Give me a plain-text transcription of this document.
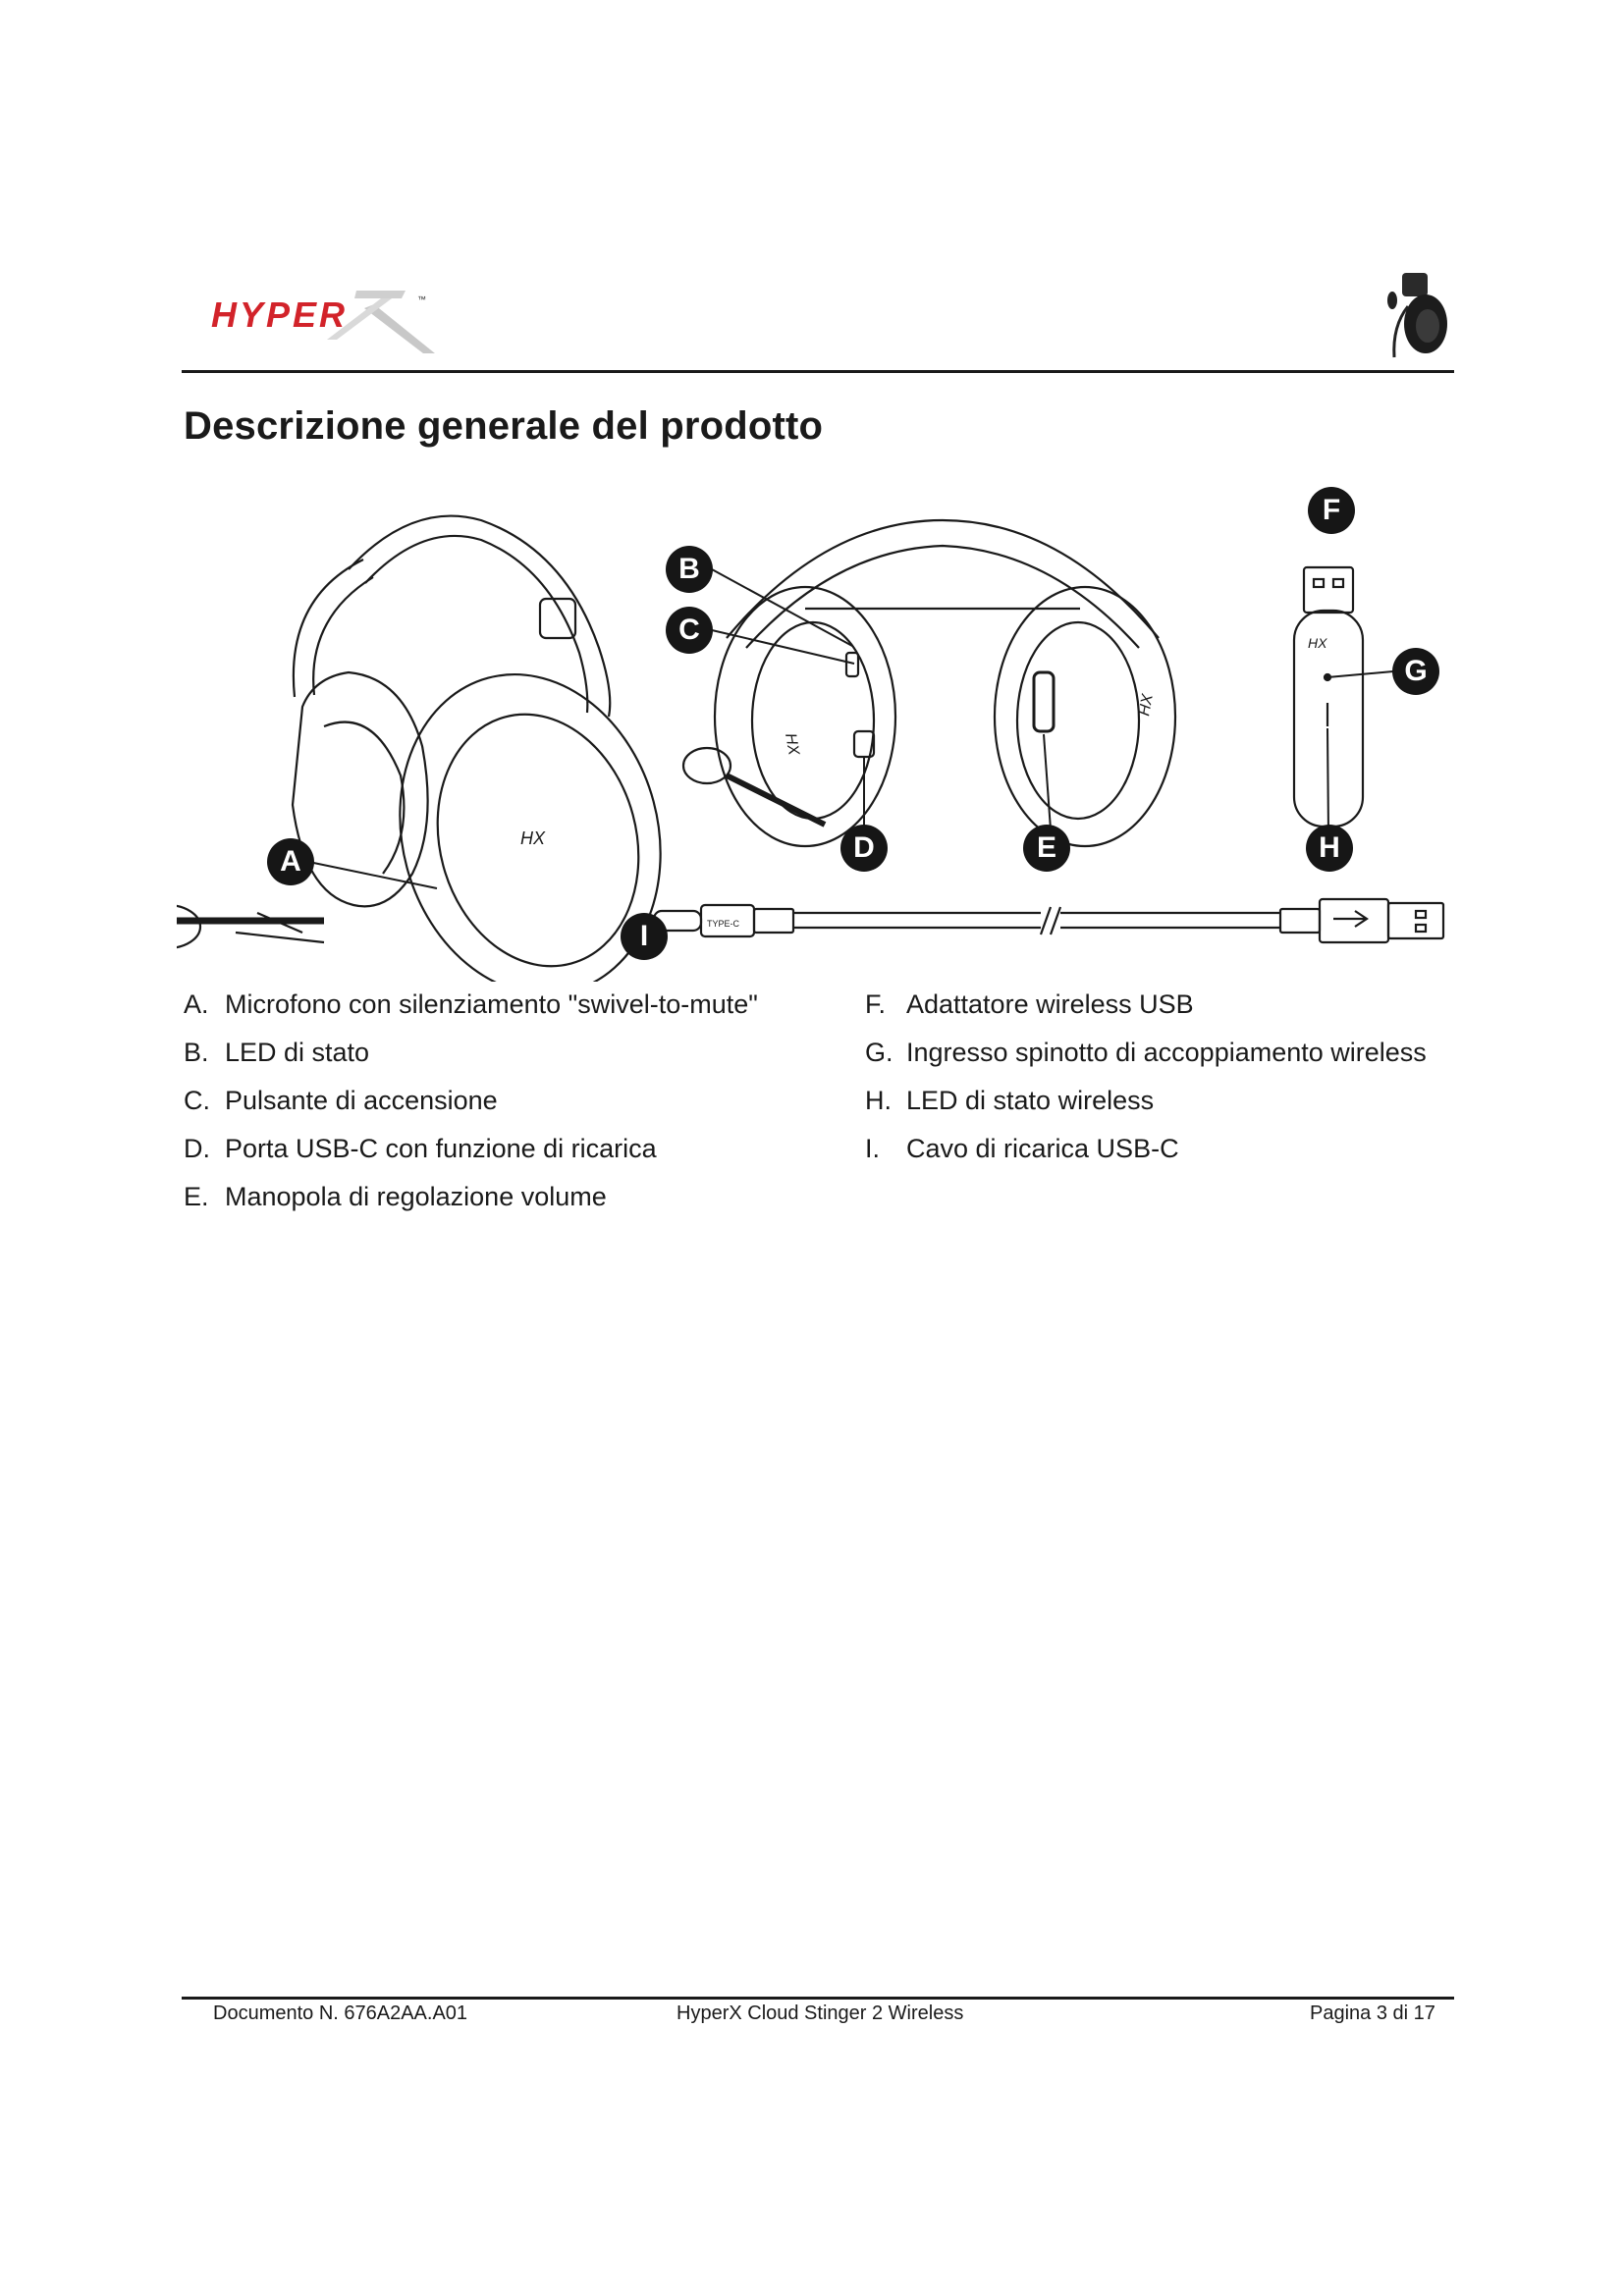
HYPER	™
Descrizione generale del prodotto
HX
HX
HX
HX
TYPE-C
A
B
C
D	E
F
G
H
I
A. Microfono con silenziamento "swivel-to-mute"
B. LED di stato
C. Pulsante di accensione
D. Porta USB-C con funzione di ricarica
E. Manopola di regolazione volume
F. Adattatore wireless USB
G. Ingresso spinotto di accoppiamento wireless
H. LED di stato wireless
I. Cavo di ricarica USB-C
Documento N. 676A2AA.A01	HyperX Cloud Stinger 2 Wireless	Pagina 3 di 17
